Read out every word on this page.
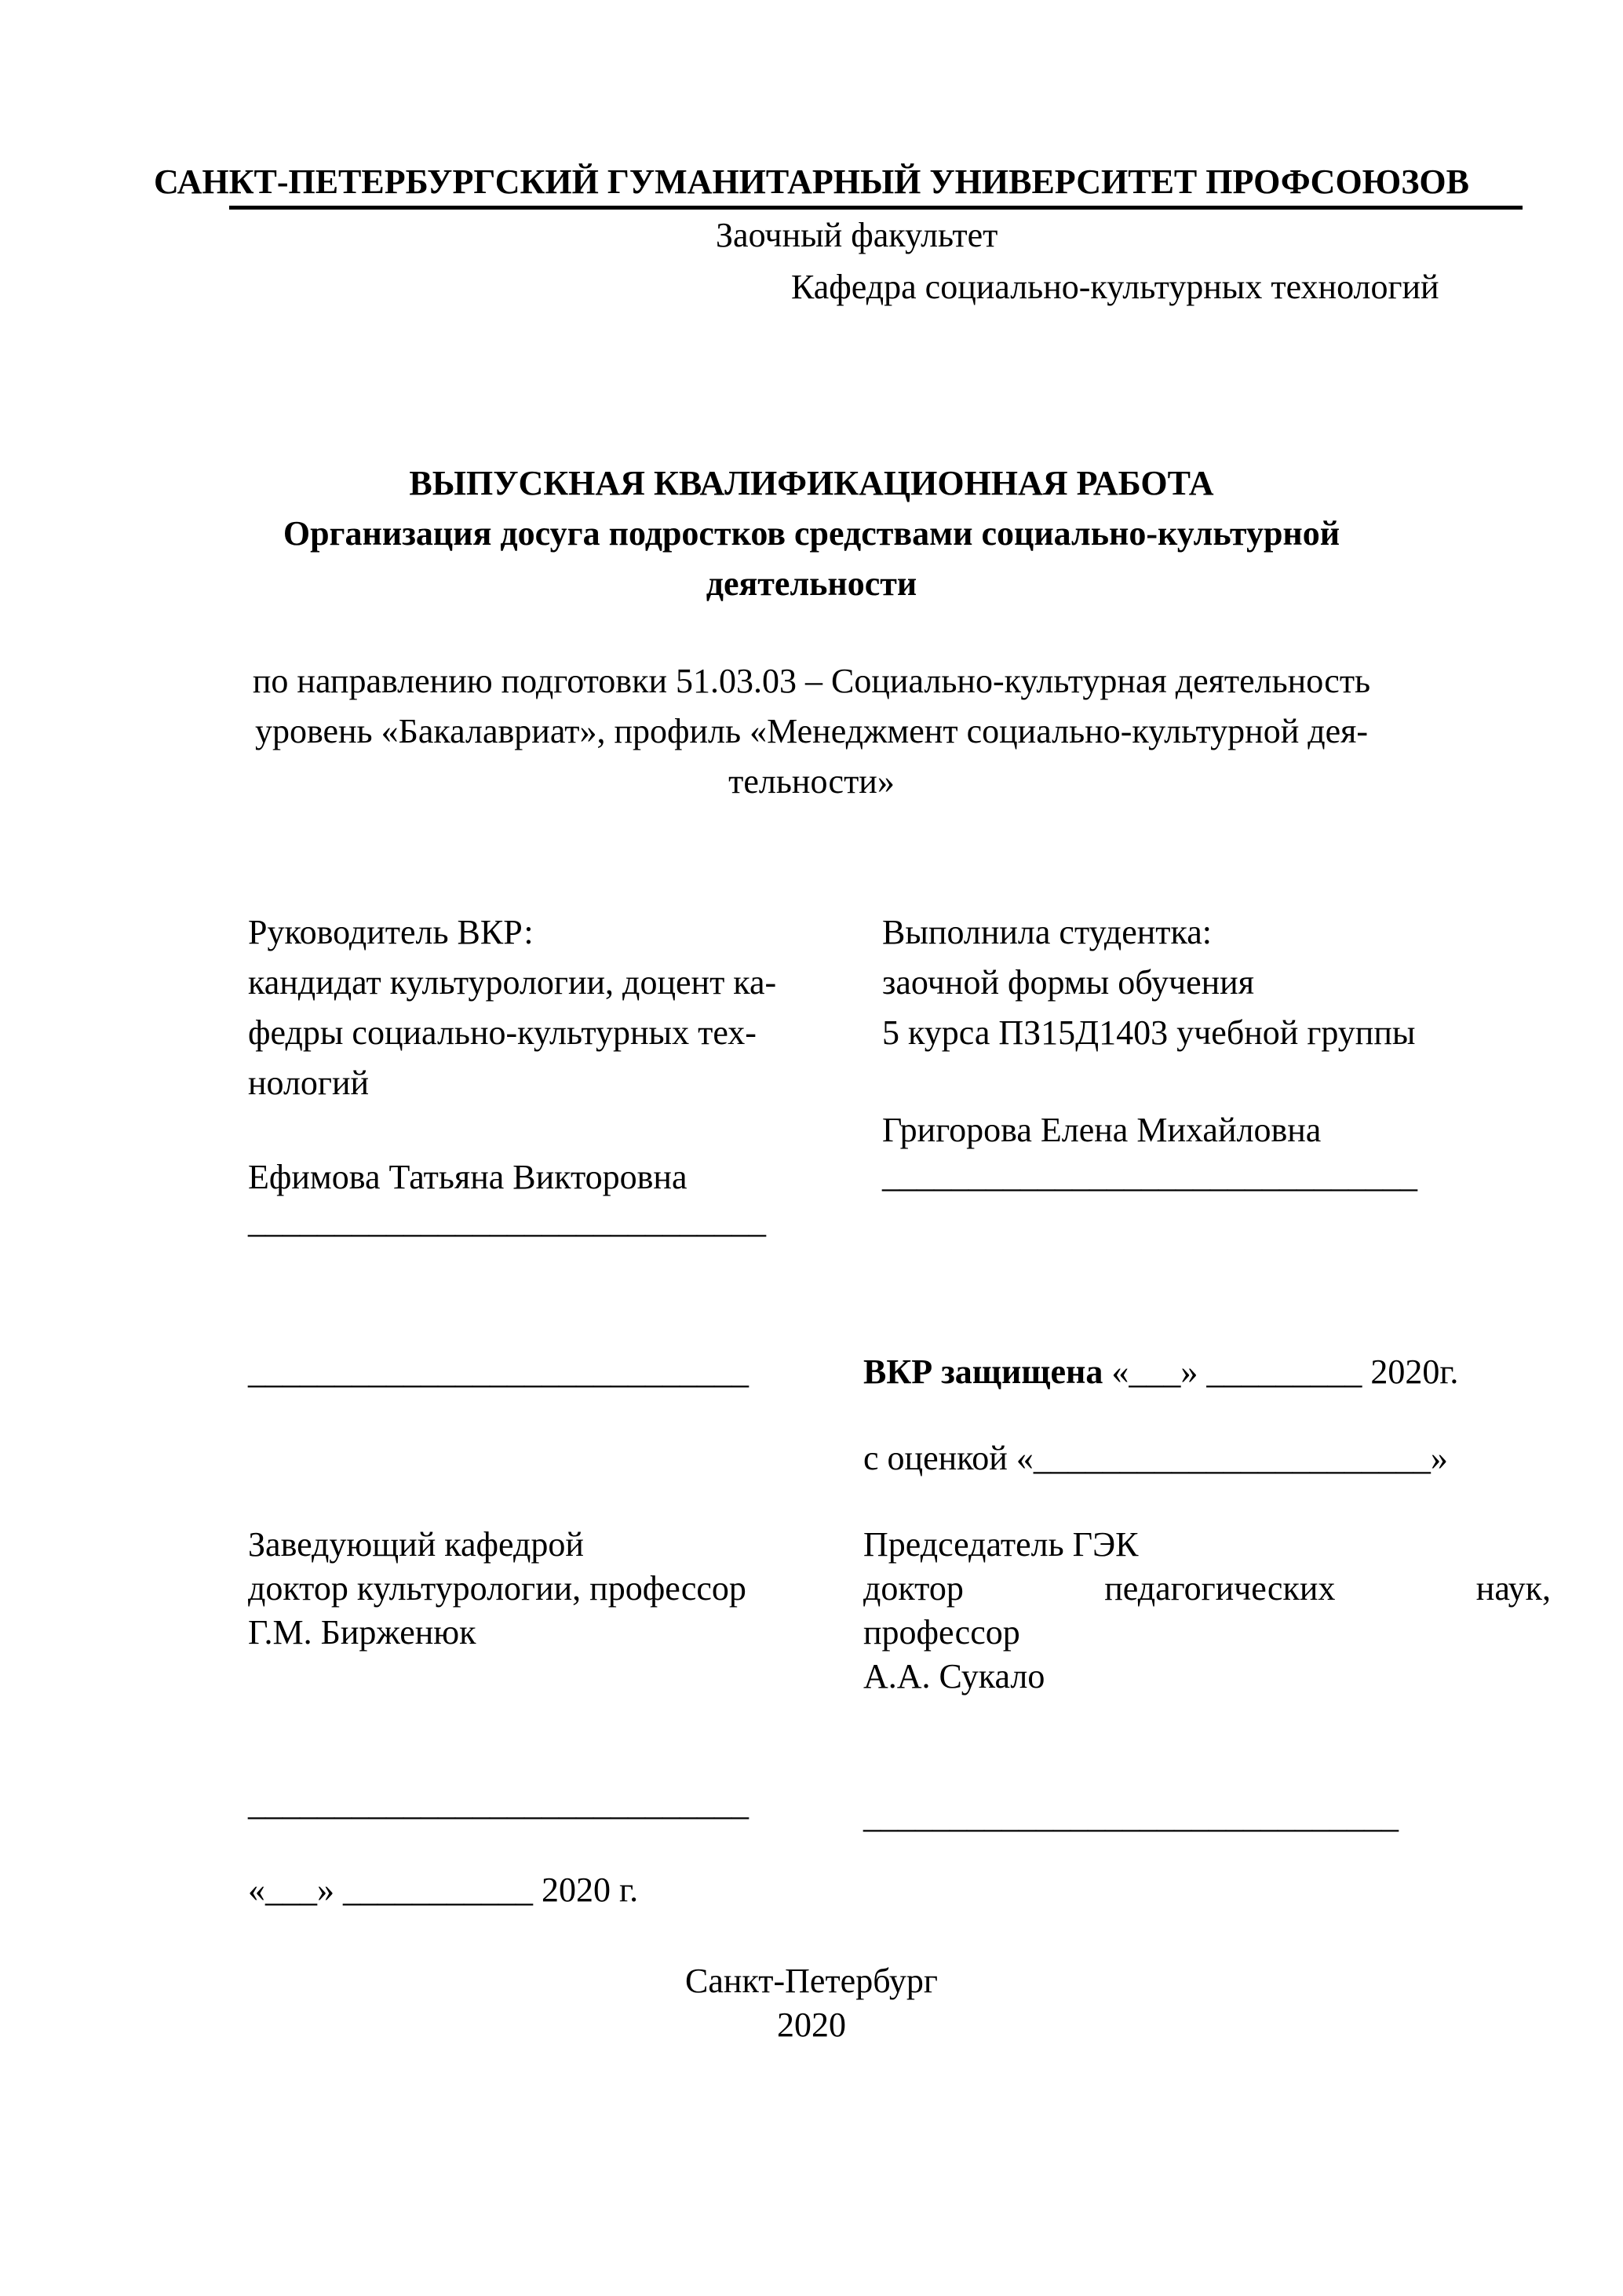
САНКТ-ПЕТЕРБУРГСКИЙ ГУМАНИТАРНЫЙ УНИВЕРСИТЕТ ПРОФСОЮЗОВ
Заочный факультет
Кафедра социально-культурных технологий
ВЫПУСКНАЯ КВАЛИФИКАЦИОННАЯ РАБОТА
Организация досуга подростков средствами социально-культурной
деятельности
по направлению подготовки 51.03.03 – Социально-культурная деятельность
уровень «Бакалавриат», профиль «Менеджмент социально-культурной дея-
тельности»
Руководитель ВКР:
кандидат культурологии, доцент ка-
федры социально-культурных тех-
нологий
Ефимова Татьяна Викторовна
______________________________
Выполнила студентка:
заочной формы обучения
5 курса ПЗ15Д1403 учебной группы
Григорова Елена Михайловна
_______________________________
_____________________________	ВКР защищена «___» _________ 2020г.
с оценкой «_______________________»
Заведующий кафедрой
доктор культурологии, профессор
Г.М. Бирженюк
_____________________________
Председатель ГЭК
доктор	педагогических	наук,
профессор
А.А. Сукало
_______________________________
«___» ___________ 2020 г.
Санкт-Петербург
2020
